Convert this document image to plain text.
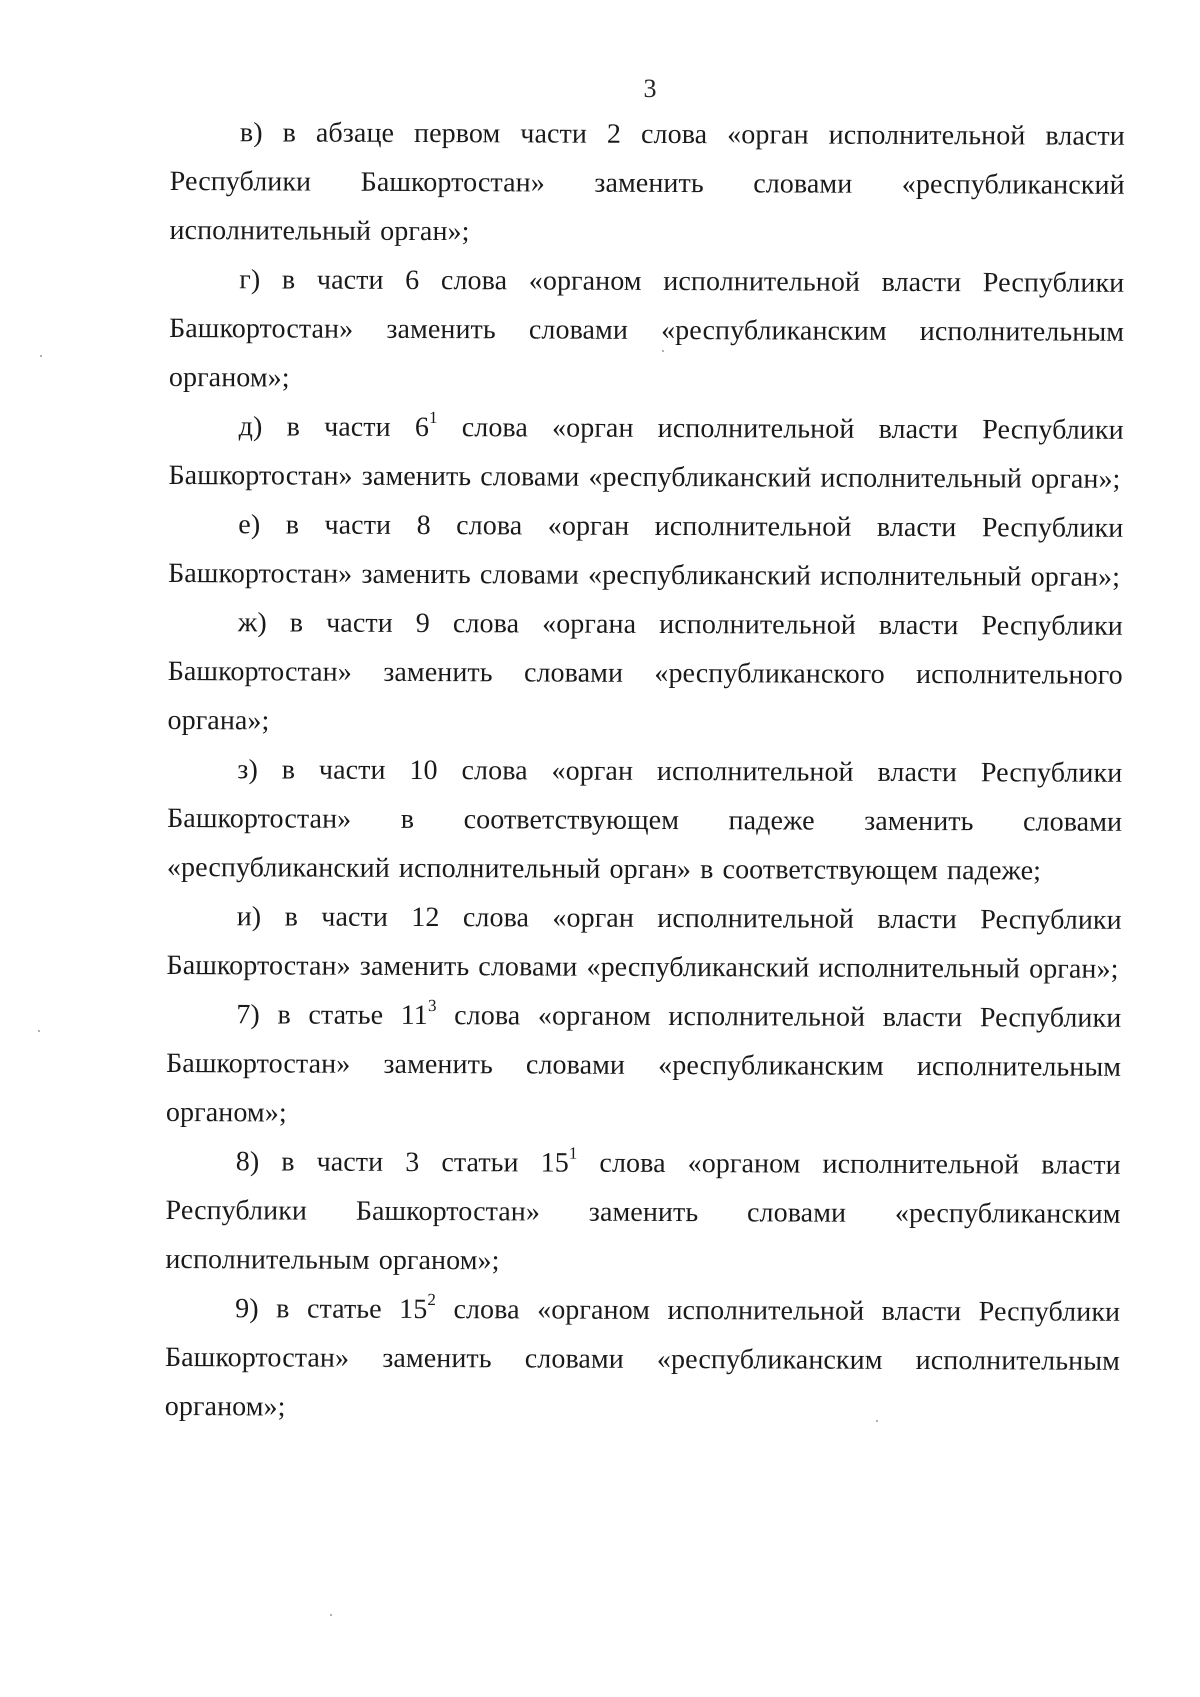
3

в) в абзаце первом части 2 слова «орган исполнительной власти Республики Башкортостан» заменить словами «республиканский исполнительный орган»;

г) в части 6 слова «органом исполнительной власти Республики Башкортостан» заменить словами «республиканским исполнительным органом»;

д) в части $6^1$ слова «орган исполнительной власти Республики Башкортостан» заменить словами «республиканский исполнительный орган»;

е) в части 8 слова «орган исполнительной власти Республики Башкортостан» заменить словами «республиканский исполнительный орган»;

ж) в части 9 слова «органа исполнительной власти Республики Башкортостан» заменить словами «республиканского исполнительного органа»;

з) в части 10 слова «орган исполнительной власти Республики Башкортостан» в соответствующем падеже заменить словами «республиканский исполнительный орган» в соответствующем падеже;

и) в части 12 слова «орган исполнительной власти Республики Башкортостан» заменить словами «республиканский исполнительный орган»;

7) в статье $11^3$ слова «органом исполнительной власти Республики Башкортостан» заменить словами «республиканским исполнительным органом»;

8) в части 3 статьи $15^1$ слова «органом исполнительной власти Республики Башкортостан» заменить словами «республиканским исполнительным органом»;

9) в статье $15^2$ слова «органом исполнительной власти Республики Башкортостан» заменить словами «республиканским исполнительным органом»;
